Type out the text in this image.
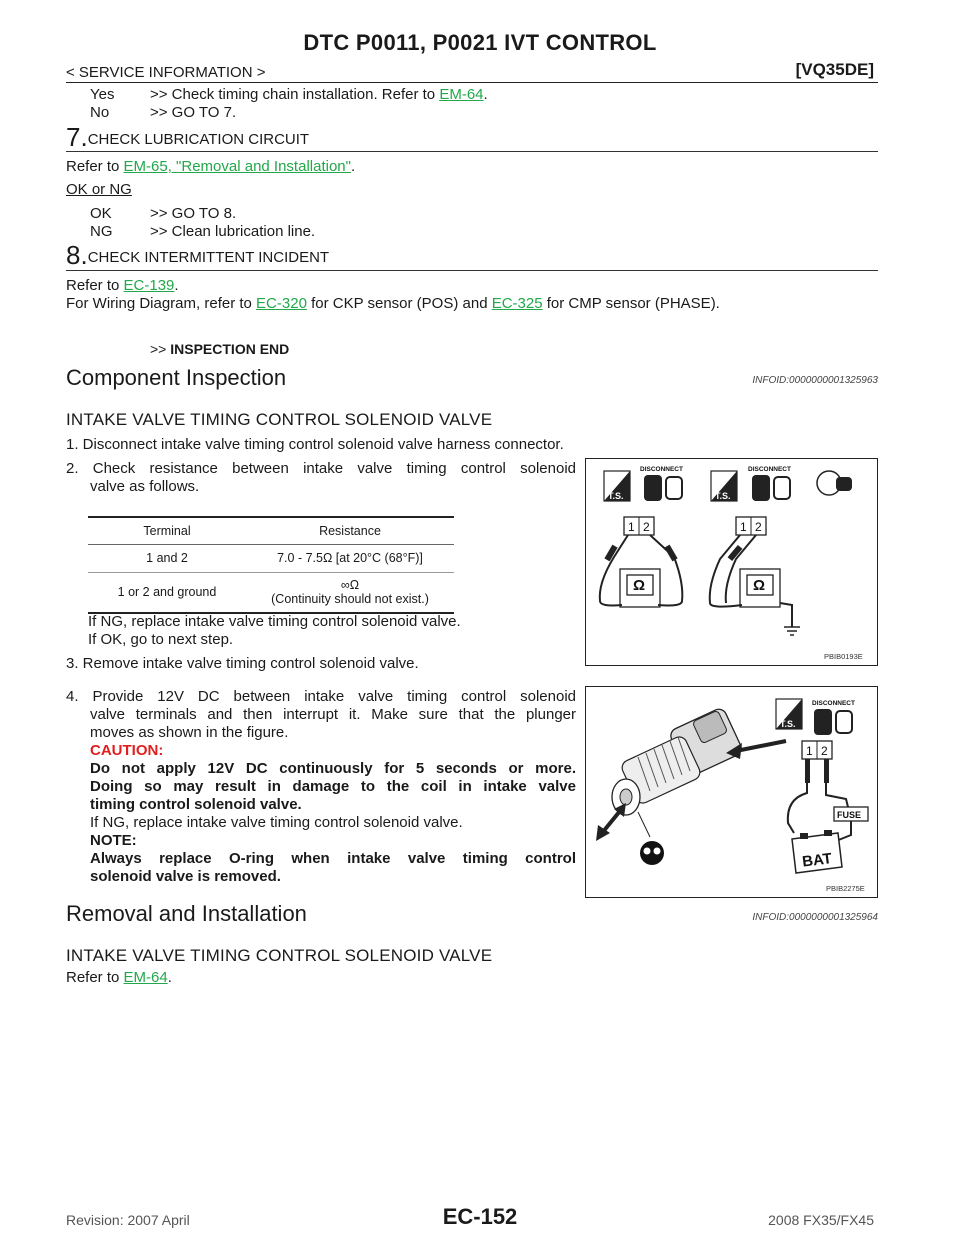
DTC P0011, P0021 IVT CONTROL
< SERVICE INFORMATION >	[VQ35DE]
Yes >> Check timing chain installation. Refer to EM-64.
No	>> GO TO 7.
7.CHECK LUBRICATION CIRCUIT
Refer to EM-65, "Removal and Installation".
OK or NG
OK	>> GO TO 8.
NG	>> Clean lubrication line.
8.CHECK INTERMITTENT INCIDENT
Refer to EC-139.
For Wiring Diagram, refer to EC-320 for CKP sensor (POS) and EC-325 for CMP sensor (PHASE).
>> INSPECTION END
Component Inspection	INFOID:0000000001325963
INTAKE VALVE TIMING CONTROL SOLENOID VALVE
1. Disconnect intake valve timing control solenoid valve harness connector.
2. Check resistance between intake valve timing control solenoid
valve as follows.
Terminal	Resistance
1 and 2	7.0 - 7.5Ω [at 20°C (68°F)]
1 or 2 and ground	∞Ω
(Continuity should not exist.)
If NG, replace intake valve timing control solenoid valve.
If OK, go to next step.
3. Remove intake valve timing control solenoid valve.
4. Provide 12V DC between intake valve timing control solenoid
valve terminals and then interrupt it. Make sure that the plunger
moves as shown in the figure.
CAUTION:
Do not apply 12V DC continuously for 5 seconds or more.
Doing so may result in damage to the coil in intake valve
timing control solenoid valve.
If NG, replace intake valve timing control solenoid valve.
NOTE:
Always replace O-ring when intake valve timing control
solenoid valve is removed.
T.S.
DISCONNECT
T.S.
DISCONNECT
1 2
Ω
1 2
Ω
PBIB0193E
T.S.
DISCONNECT
1 2
FUSE
BAT
PBIB2275E
Removal and Installation	INFOID:0000000001325964
INTAKE VALVE TIMING CONTROL SOLENOID VALVE
Refer to EM-64.
EC-152
Revision: 2007 April	2008 FX35/FX45
